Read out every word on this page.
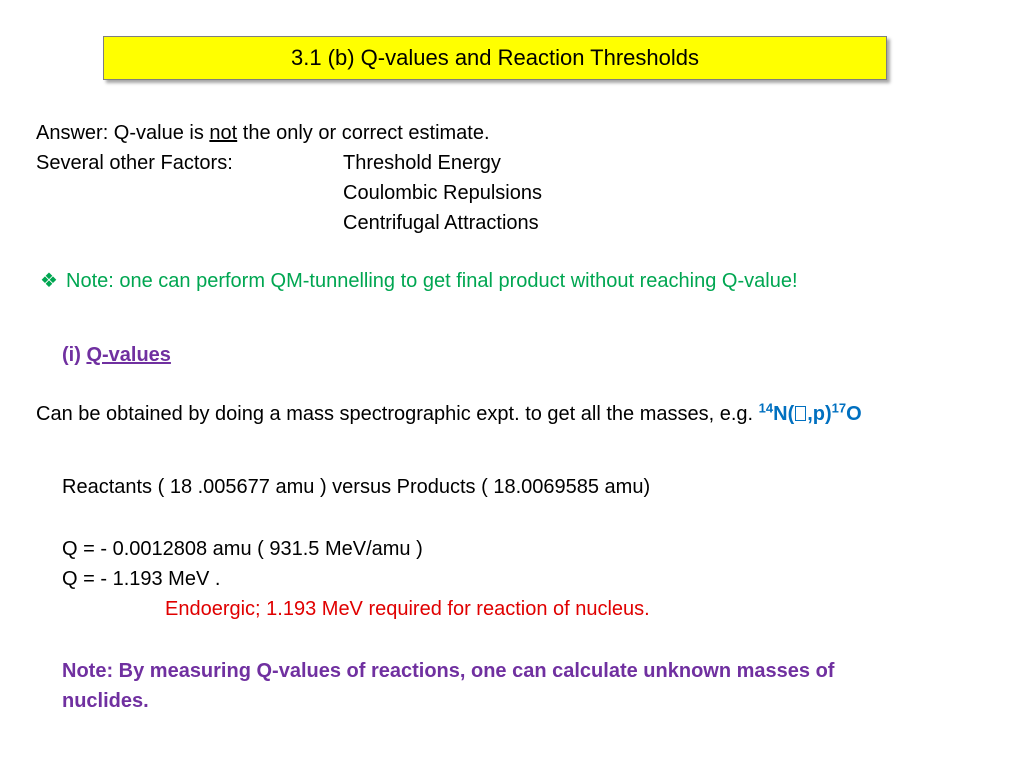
3.1 (b) Q-values and Reaction Thresholds
Answer: Q-value is not the only or correct estimate.
Several other Factors:	Threshold Energy
Coulombic Repulsions
Centrifugal Attractions
❖ Note: one can perform QM-tunnelling to get final product without reaching Q-value!
(i) Q-values
Can be obtained by doing a mass spectrographic expt. to get all the masses, e.g. $^{14}$N( ,p)$^{17}$O
Reactants ( 18 .005677 amu ) versus Products ( 18.0069585 amu)
Q = - 0.0012808 amu ( 931.5 MeV/amu )
Q = - 1.193 MeV .
Endoergic; 1.193 MeV required for reaction of nucleus.
Note: By measuring Q-values of reactions, one can calculate unknown masses of
nuclides.
